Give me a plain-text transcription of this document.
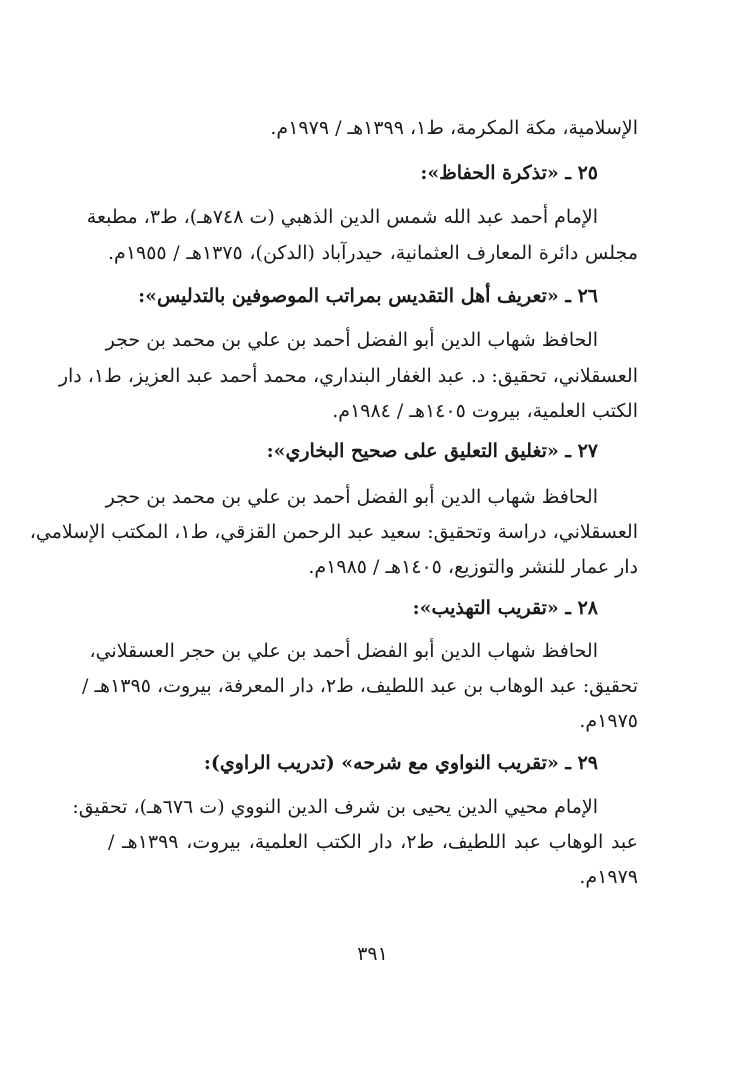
الإسلامية، مكة المكرمة، ط١، ١٣٩٩هـ / ١٩٧٩م.
٢٥ ـ «تذكرة الحفاظ»:
الإمام أحمد عبد الله شمس الدين الذهبي (ت ٧٤٨هـ)، ط٣، مطبعة
مجلس دائرة المعارف العثمانية، حيدرآباد (الدكن)، ١٣٧٥هـ / ١٩٥٥م.
٢٦ ـ «تعريف أهل التقديس بمراتب الموصوفين بالتدليس»:
الحافظ شهاب الدين أبو الفضل أحمد بن علي بن محمد بن حجر
العسقلاني، تحقيق: د. عبد الغفار البنداري، محمد أحمد عبد العزيز، ط١، دار
الكتب العلمية، بيروت ١٤٠٥هـ / ١٩٨٤م.
٢٧ ـ «تغليق التعليق على صحيح البخاري»:
الحافظ شهاب الدين أبو الفضل أحمد بن علي بن محمد بن حجر
العسقلاني، دراسة وتحقيق: سعيد عبد الرحمن القزقي، ط١، المكتب الإسلامي،
دار عمار للنشر والتوزيع، ١٤٠٥هـ / ١٩٨٥م.
٢٨ ـ «تقريب التهذيب»:
الحافظ شهاب الدين أبو الفضل أحمد بن علي بن حجر العسقلاني،
تحقيق: عبد الوهاب بن عبد اللطيف، ط٢، دار المعرفة، بيروت، ١٣٩٥هـ /
١٩٧٥م.
٢٩ ـ «تقريب النواوي مع شرحه» (تدريب الراوي):
الإمام محيي الدين يحيى بن شرف الدين النووي (ت ٦٧٦هـ)، تحقيق:
عبد الوهاب عبد اللطيف، ط٢، دار الكتب العلمية، بيروت، ١٣٩٩هـ /
١٩٧٩م.
٣٩١
